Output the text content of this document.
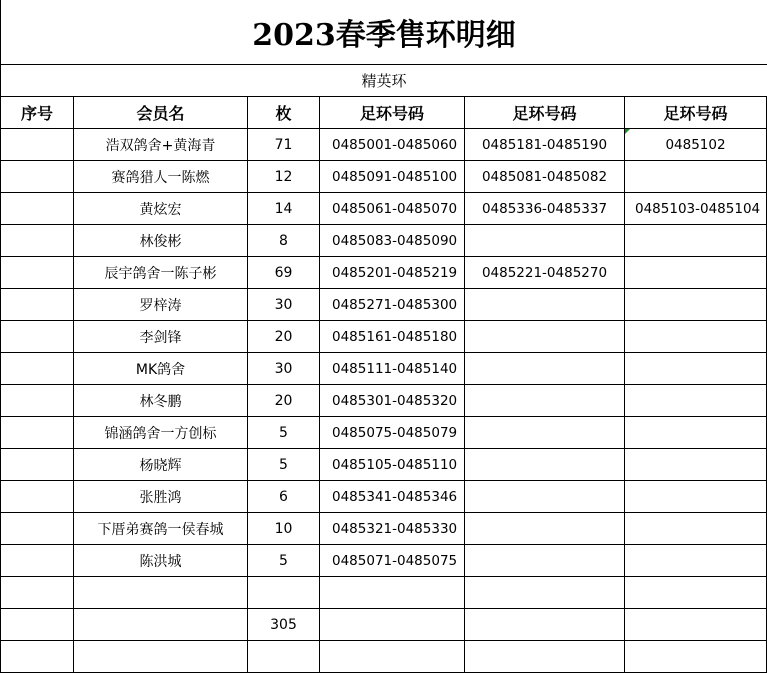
2023春季售环明细
精英环
序号	会员名	枚	足环号码	足环号码	足环号码
	浩双鸽舍+黄海青	71	0485001-0485060	0485181-0485190	0485102
	赛鸽猎人一陈燃	12	0485091-0485100	0485081-0485082	
	黄炫宏	14	0485061-0485070	0485336-0485337	0485103-0485104
	林俊彬	8	0485083-0485090		
	辰宇鸽舍一陈子彬	69	0485201-0485219	0485221-0485270	
	罗梓涛	30	0485271-0485300		
	李剑锋	20	0485161-0485180		
	MK鸽舍	30	0485111-0485140		
	林冬鹏	20	0485301-0485320		
	锦涵鸽舍一方创标	5	0485075-0485079		
	杨晓辉	5	0485105-0485110		
	张胜鸿	6	0485341-0485346		
	下厝弟赛鸽一侯春城	10	0485321-0485330		
	陈洪城	5	0485071-0485075		

		305			
